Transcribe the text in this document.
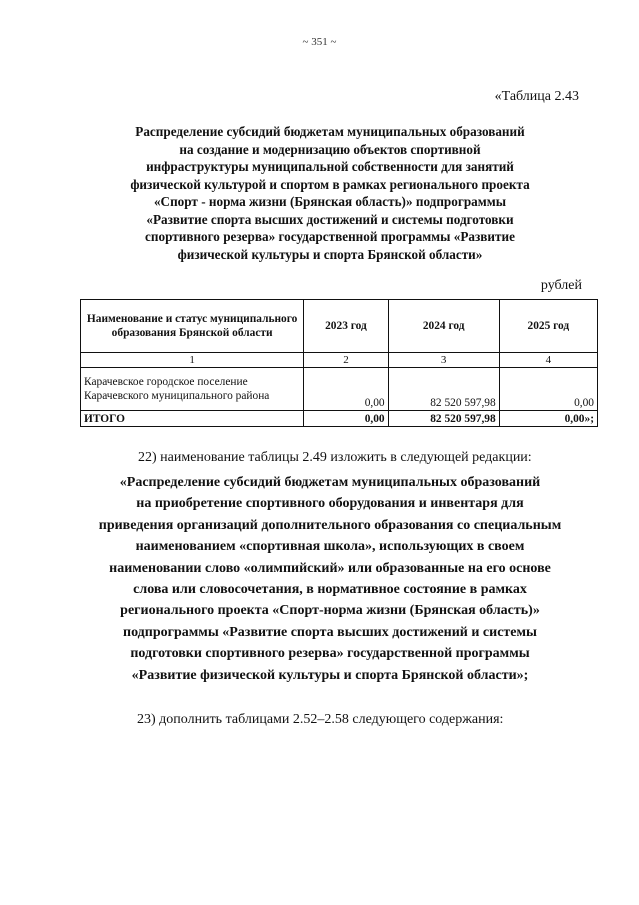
~ 351 ~
«Таблица 2.43
Распределение субсидий бюджетам муниципальных образований
на создание и модернизацию объектов спортивной
инфраструктуры муниципальной собственности для занятий
физической культурой и спортом в рамках регионального проекта
«Спорт - норма жизни (Брянская область)» подпрограммы
«Развитие спорта высших достижений и системы подготовки
спортивного резерва» государственной программы «Развитие
физической культуры и спорта Брянской области»
рублей
Наименование и статус муниципального образования Брянской области	2023 год	2024 год	2025 год
1	2	3	4
Карачевское городское поселение Карачевского муниципального района	0,00	82 520 597,98	0,00
ИТОГО	0,00	82 520 597,98	0,00»;
22) наименование таблицы 2.49 изложить в следующей редакции:
«Распределение субсидий бюджетам муниципальных образований
на приобретение спортивного оборудования и инвентаря для
приведения организаций дополнительного образования со специальным
наименованием «спортивная школа», использующих в своем
наименовании слово «олимпийский» или образованные на его основе
слова или словосочетания, в нормативное состояние в рамках
регионального проекта «Спорт-норма жизни (Брянская область)»
подпрограммы «Развитие спорта высших достижений и системы
подготовки спортивного резерва» государственной программы
«Развитие физической культуры и спорта Брянской области»;
23) дополнить таблицами 2.52–2.58 следующего содержания:
